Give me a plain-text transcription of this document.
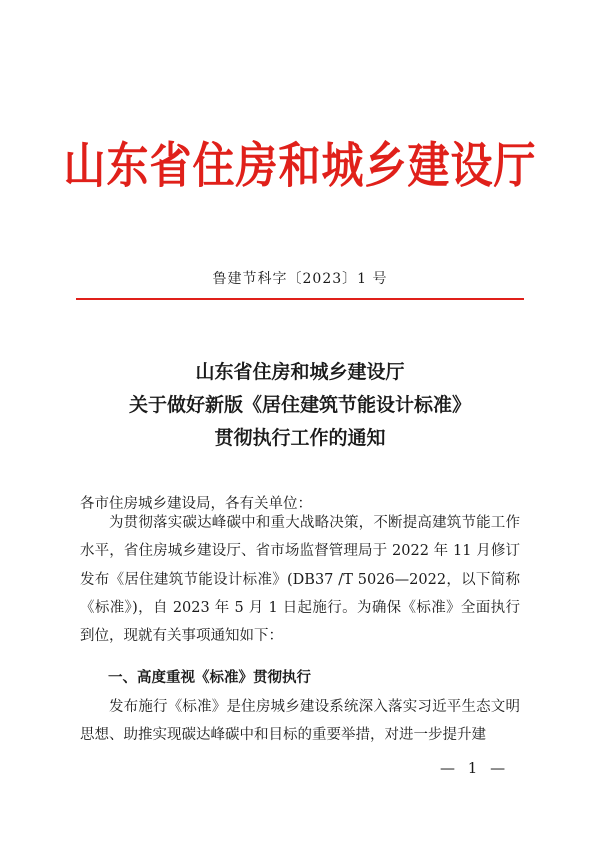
山东省住房和城乡建设厅
鲁建节科字〔2023〕1 号
山东省住房和城乡建设厅
关于做好新版《居住建筑节能设计标准》
贯彻执行工作的通知
各市住房城乡建设局，各有关单位：
为贯彻落实碳达峰碳中和重大战略决策，不断提高建筑节能工作水平，省住房城乡建设厅、省市场监督管理局于 2022 年 11 月修订发布《居住建筑节能设计标准》(DB37 /T 5026—2022，以下简称《标准》)，自 2023 年 5 月 1 日起施行。为确保《标准》全面执行到位，现就有关事项通知如下：
一、高度重视《标准》贯彻执行
发布施行《标准》是住房城乡建设系统深入落实习近平生态文明思想、助推实现碳达峰碳中和目标的重要举措，对进一步提升建
— 1 —
